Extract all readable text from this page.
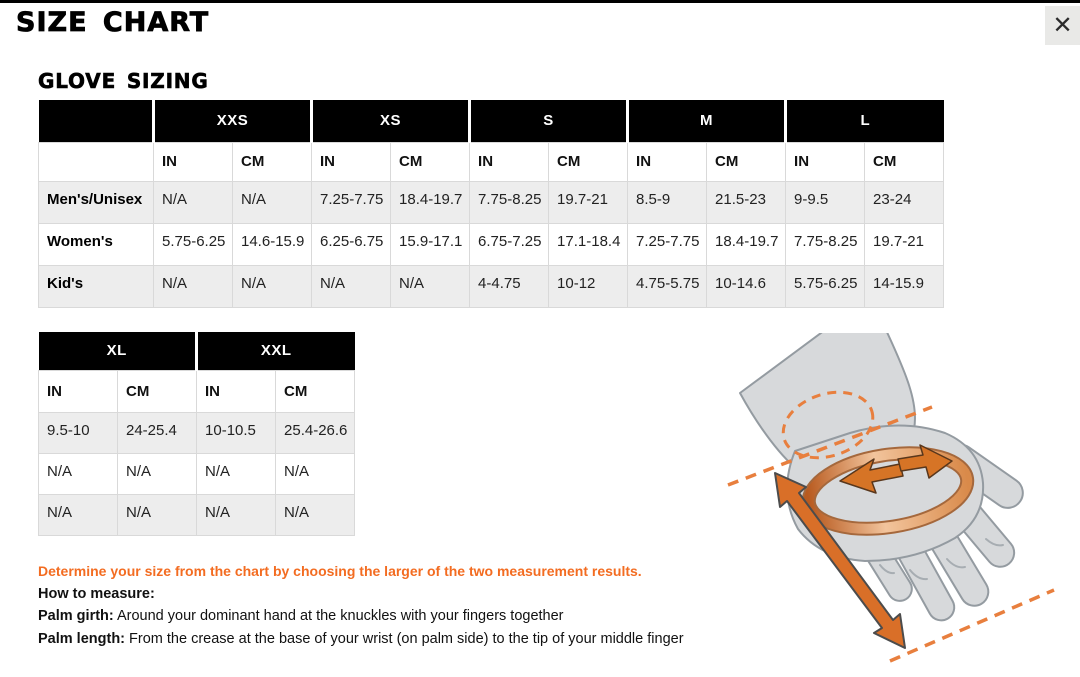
SIZE CHART	✕
GLOVE SIZING
	XXS		XS		S		M		L	
	IN	CM	IN	CM	IN	CM	IN	CM	IN	CM
Men's/Unisex	N/A	N/A	7.25-7.75	18.4-19.7	7.75-8.25	19.7-21	8.5-9	21.5-23	9-9.5	23-24
Women's	5.75-6.25	14.6-15.9	6.25-6.75	15.9-17.1	6.75-7.25	17.1-18.4	7.25-7.75	18.4-19.7	7.75-8.25	19.7-21
Kid's	N/A	N/A	N/A	N/A	4-4.75	10-12	4.75-5.75	10-14.6	5.75-6.25	14-15.9
XL		XXL	
IN	CM	IN	CM
9.5-10	24-25.4	10-10.5	25.4-26.6
N/A	N/A	N/A	N/A
N/A	N/A	N/A	N/A
Determine your size from the chart by choosing the larger of the two measurement results.
How to measure:
Palm girth: Around your dominant hand at the knuckles with your fingers together
Palm length: From the crease at the base of your wrist (on palm side) to the tip of your middle finger
